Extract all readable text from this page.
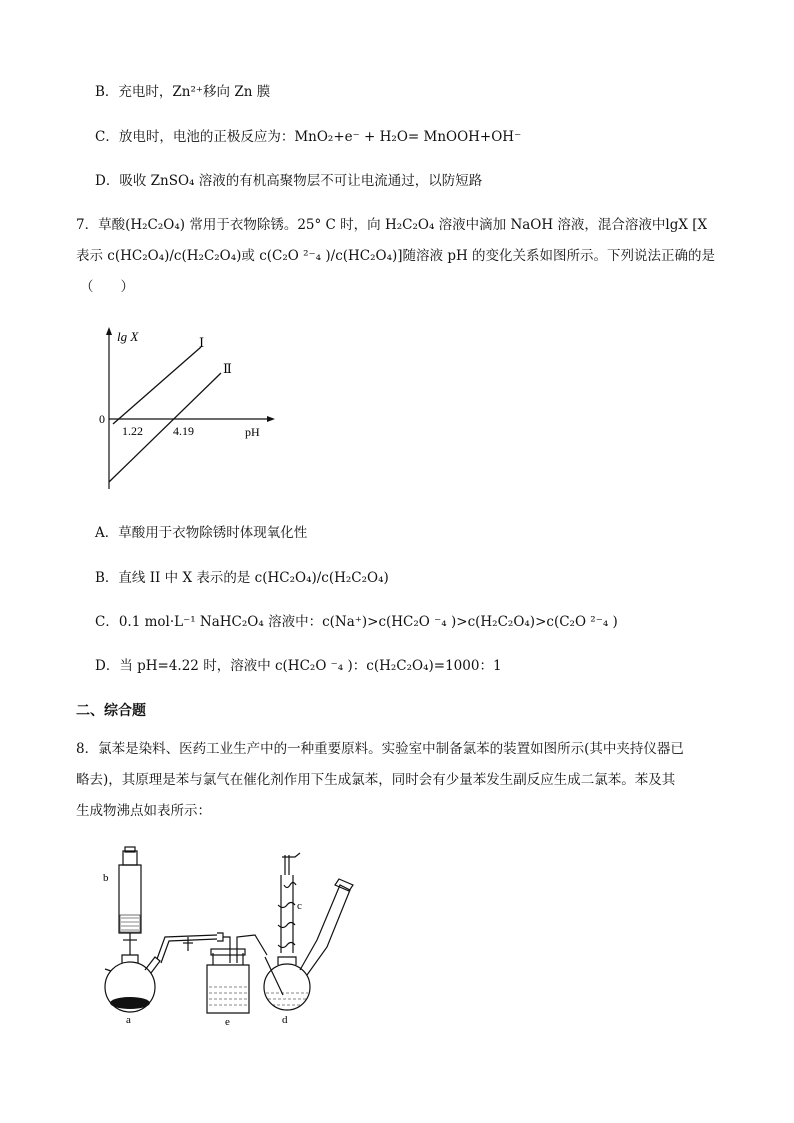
B．充电时，Zn²⁺移向 Zn 膜
C．放电时，电池的正极反应为：MnO₂+e⁻ + H₂O= MnOOH+OH⁻
D．吸收 ZnSO₄ 溶液的有机高聚物层不可让电流通过，以防短路
7．草酸(H₂C₂O₄) 常用于衣物除锈。25° C 时，向 H₂C₂O₄ 溶液中滴加 NaOH 溶液，混合溶液中lgX [X
表示 c(HC₂O₄)/c(H₂C₂O₄)或 c(C₂O ²⁻₄ )/c(HC₂O₄)]随溶液 pH 的变化关系如图所示。下列说法正确的是
（　　）
lg X
pH
0
Ⅰ
Ⅱ
1.22	4.19
A．草酸用于衣物除锈时体现氧化性
B．直线 II 中 X 表示的是 c(HC₂O₄)/c(H₂C₂O₄)
C．0.1 mol·L⁻¹ NaHC₂O₄ 溶液中：c(Na⁺)>c(HC₂O ⁻₄ )>c(H₂C₂O₄)>c(C₂O ²⁻₄ )
D．当 pH=4.22 时，溶液中 c(HC₂O ⁻₄ )：c(H₂C₂O₄)=1000：1
二、综合题
8．氯苯是染料、医药工业生产中的一种重要原料。实验室中制备氯苯的装置如图所示(其中夹持仪器已
略去)，其原理是苯与氯气在催化剂作用下生成氯苯，同时会有少量苯发生副反应生成二氯苯。苯及其
生成物沸点如表所示：
a
b
c
d
e
